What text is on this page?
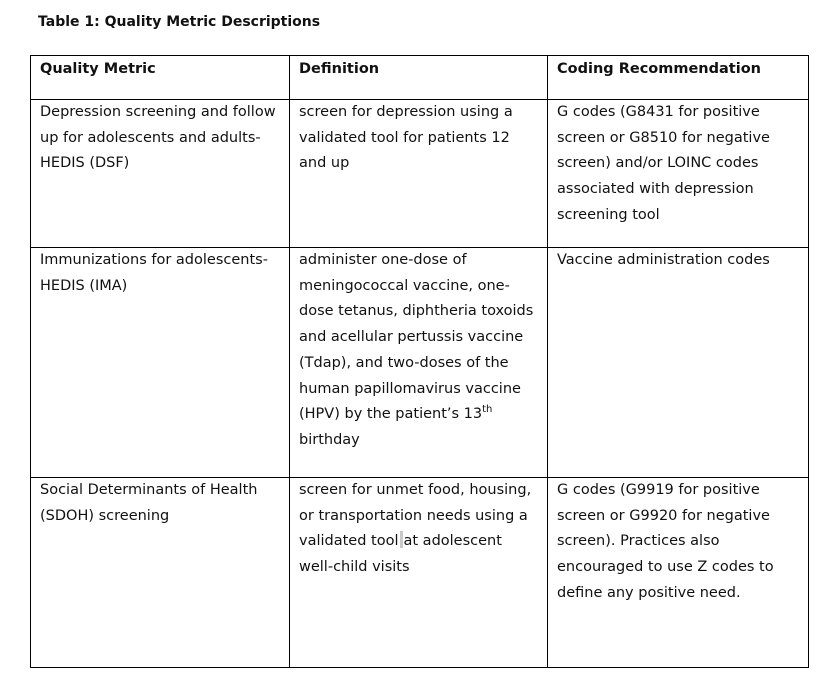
Table 1: Quality Metric Descriptions
Quality Metric	Definition	Coding Recommendation
Depression screening and follow up for adolescents and adults- HEDIS (DSF)	screen for depression using a validated tool for patients 12 and up	G codes (G8431 for positive screen or G8510 for negative screen) and/or LOINC codes associated with depression screening tool
Immunizations for adolescents- HEDIS (IMA)	administer one-dose of meningococcal vaccine, one-dose tetanus, diphtheria toxoids and acellular pertussis vaccine (Tdap), and two-doses of the human papillomavirus vaccine (HPV) by the patient’s 13th birthday	Vaccine administration codes
Social Determinants of Health (SDOH) screening	screen for unmet food, housing, or transportation needs using a validated tool at adolescent well-child visits	G codes (G9919 for positive screen or G9920 for negative screen). Practices also encouraged to use Z codes to define any positive need.
